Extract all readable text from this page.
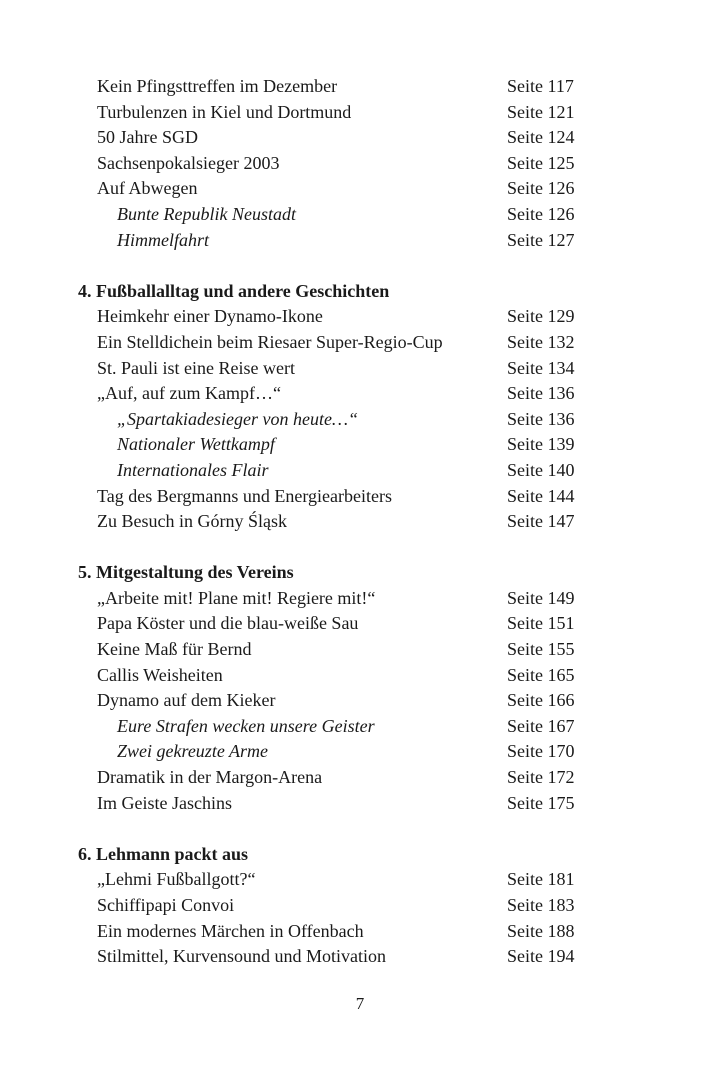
Kein Pfingsttreffen im Dezember	Seite 117
Turbulenzen in Kiel und Dortmund	Seite 121
50 Jahre SGD	Seite 124
Sachsenpokalsieger 2003	Seite 125
Auf Abwegen	Seite 126
Bunte Republik Neustadt	Seite 126
Himmelfahrt	Seite 127
4. Fußballalltag und andere Geschichten
Heimkehr einer Dynamo-Ikone	Seite 129
Ein Stelldichein beim Riesaer Super-Regio-Cup	Seite 132
St. Pauli ist eine Reise wert	Seite 134
„Auf, auf zum Kampf…“	Seite 136
„Spartakiadesieger von heute…“	Seite 136
Nationaler Wettkampf	Seite 139
Internationales Flair	Seite 140
Tag des Bergmanns und Energiearbeiters	Seite 144
Zu Besuch in Górny Śląsk	Seite 147
5. Mitgestaltung des Vereins
„Arbeite mit! Plane mit! Regiere mit!“	Seite 149
Papa Köster und die blau-weiße Sau	Seite 151
Keine Maß für Bernd	Seite 155
Callis Weisheiten	Seite 165
Dynamo auf dem Kieker	Seite 166
Eure Strafen wecken unsere Geister	Seite 167
Zwei gekreuzte Arme	Seite 170
Dramatik in der Margon-Arena	Seite 172
Im Geiste Jaschins	Seite 175
6. Lehmann packt aus
„Lehmi Fußballgott?“	Seite 181
Schiffipapi Convoi	Seite 183
Ein modernes Märchen in Offenbach	Seite 188
Stilmittel, Kurvensound und Motivation	Seite 194
7
